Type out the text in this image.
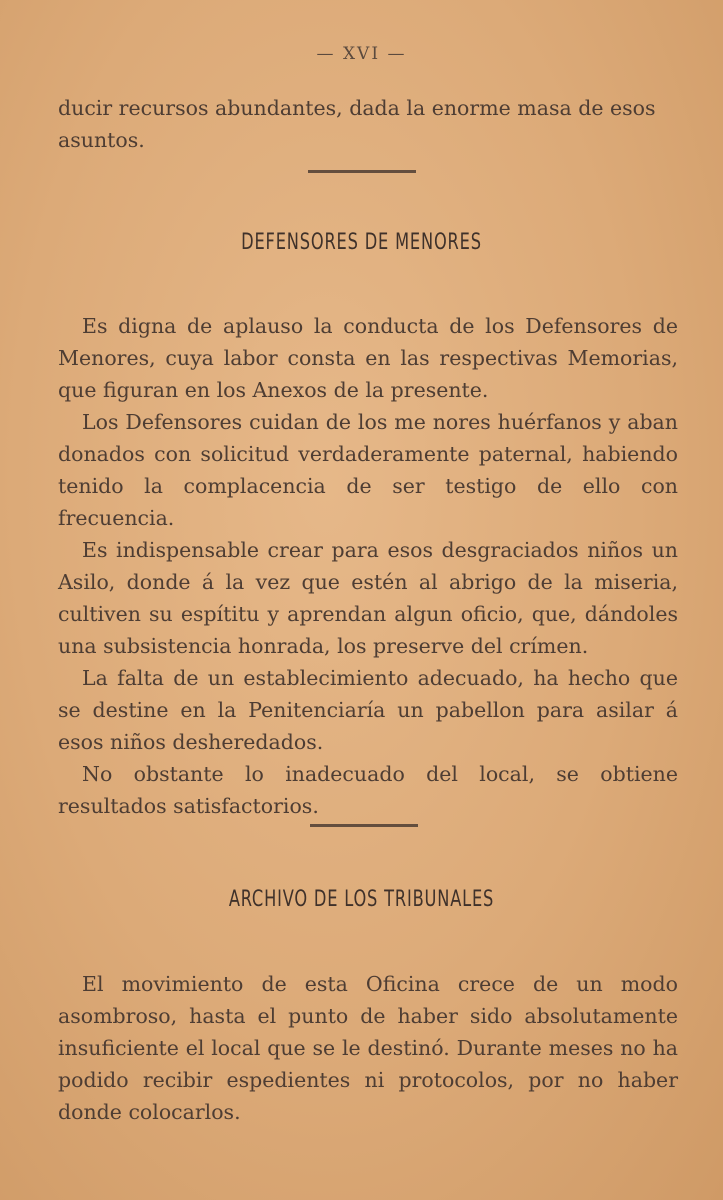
— XVI —

ducir recursos abundantes, dada la enorme masa de esos

asuntos.

DEFENSORES DE MENORES

Es digna de aplauso la conducta de los Defensores de Menores, cuya labor consta en las respectivas Memorias, que figuran en los Anexos de la presente.

Los Defensores cuidan de los me nores huérfanos y aban donados con solicitud verdaderamente paternal, habiendo tenido la complacencia de ser testigo de ello con frecuencia.

Es indispensable crear para esos desgraciados niños un Asilo, donde á la vez que estén al abrigo de la miseria, cultiven su espítitu y aprendan algun oficio, que, dándoles una subsistencia honrada, los preserve del crímen.

La falta de un establecimiento adecuado, ha hecho que se destine en la Penitenciaría un pabellon para asilar á esos niños desheredados.

No obstante lo inadecuado del local, se obtiene resultados satisfactorios.

ARCHIVO DE LOS TRIBUNALES

El movimiento de esta Oficina crece de un modo asombroso, hasta el punto de haber sido absolutamente insuficiente el local que se le destinó. Durante meses no ha podido recibir espedientes ni protocolos, por no haber donde colocarlos.
